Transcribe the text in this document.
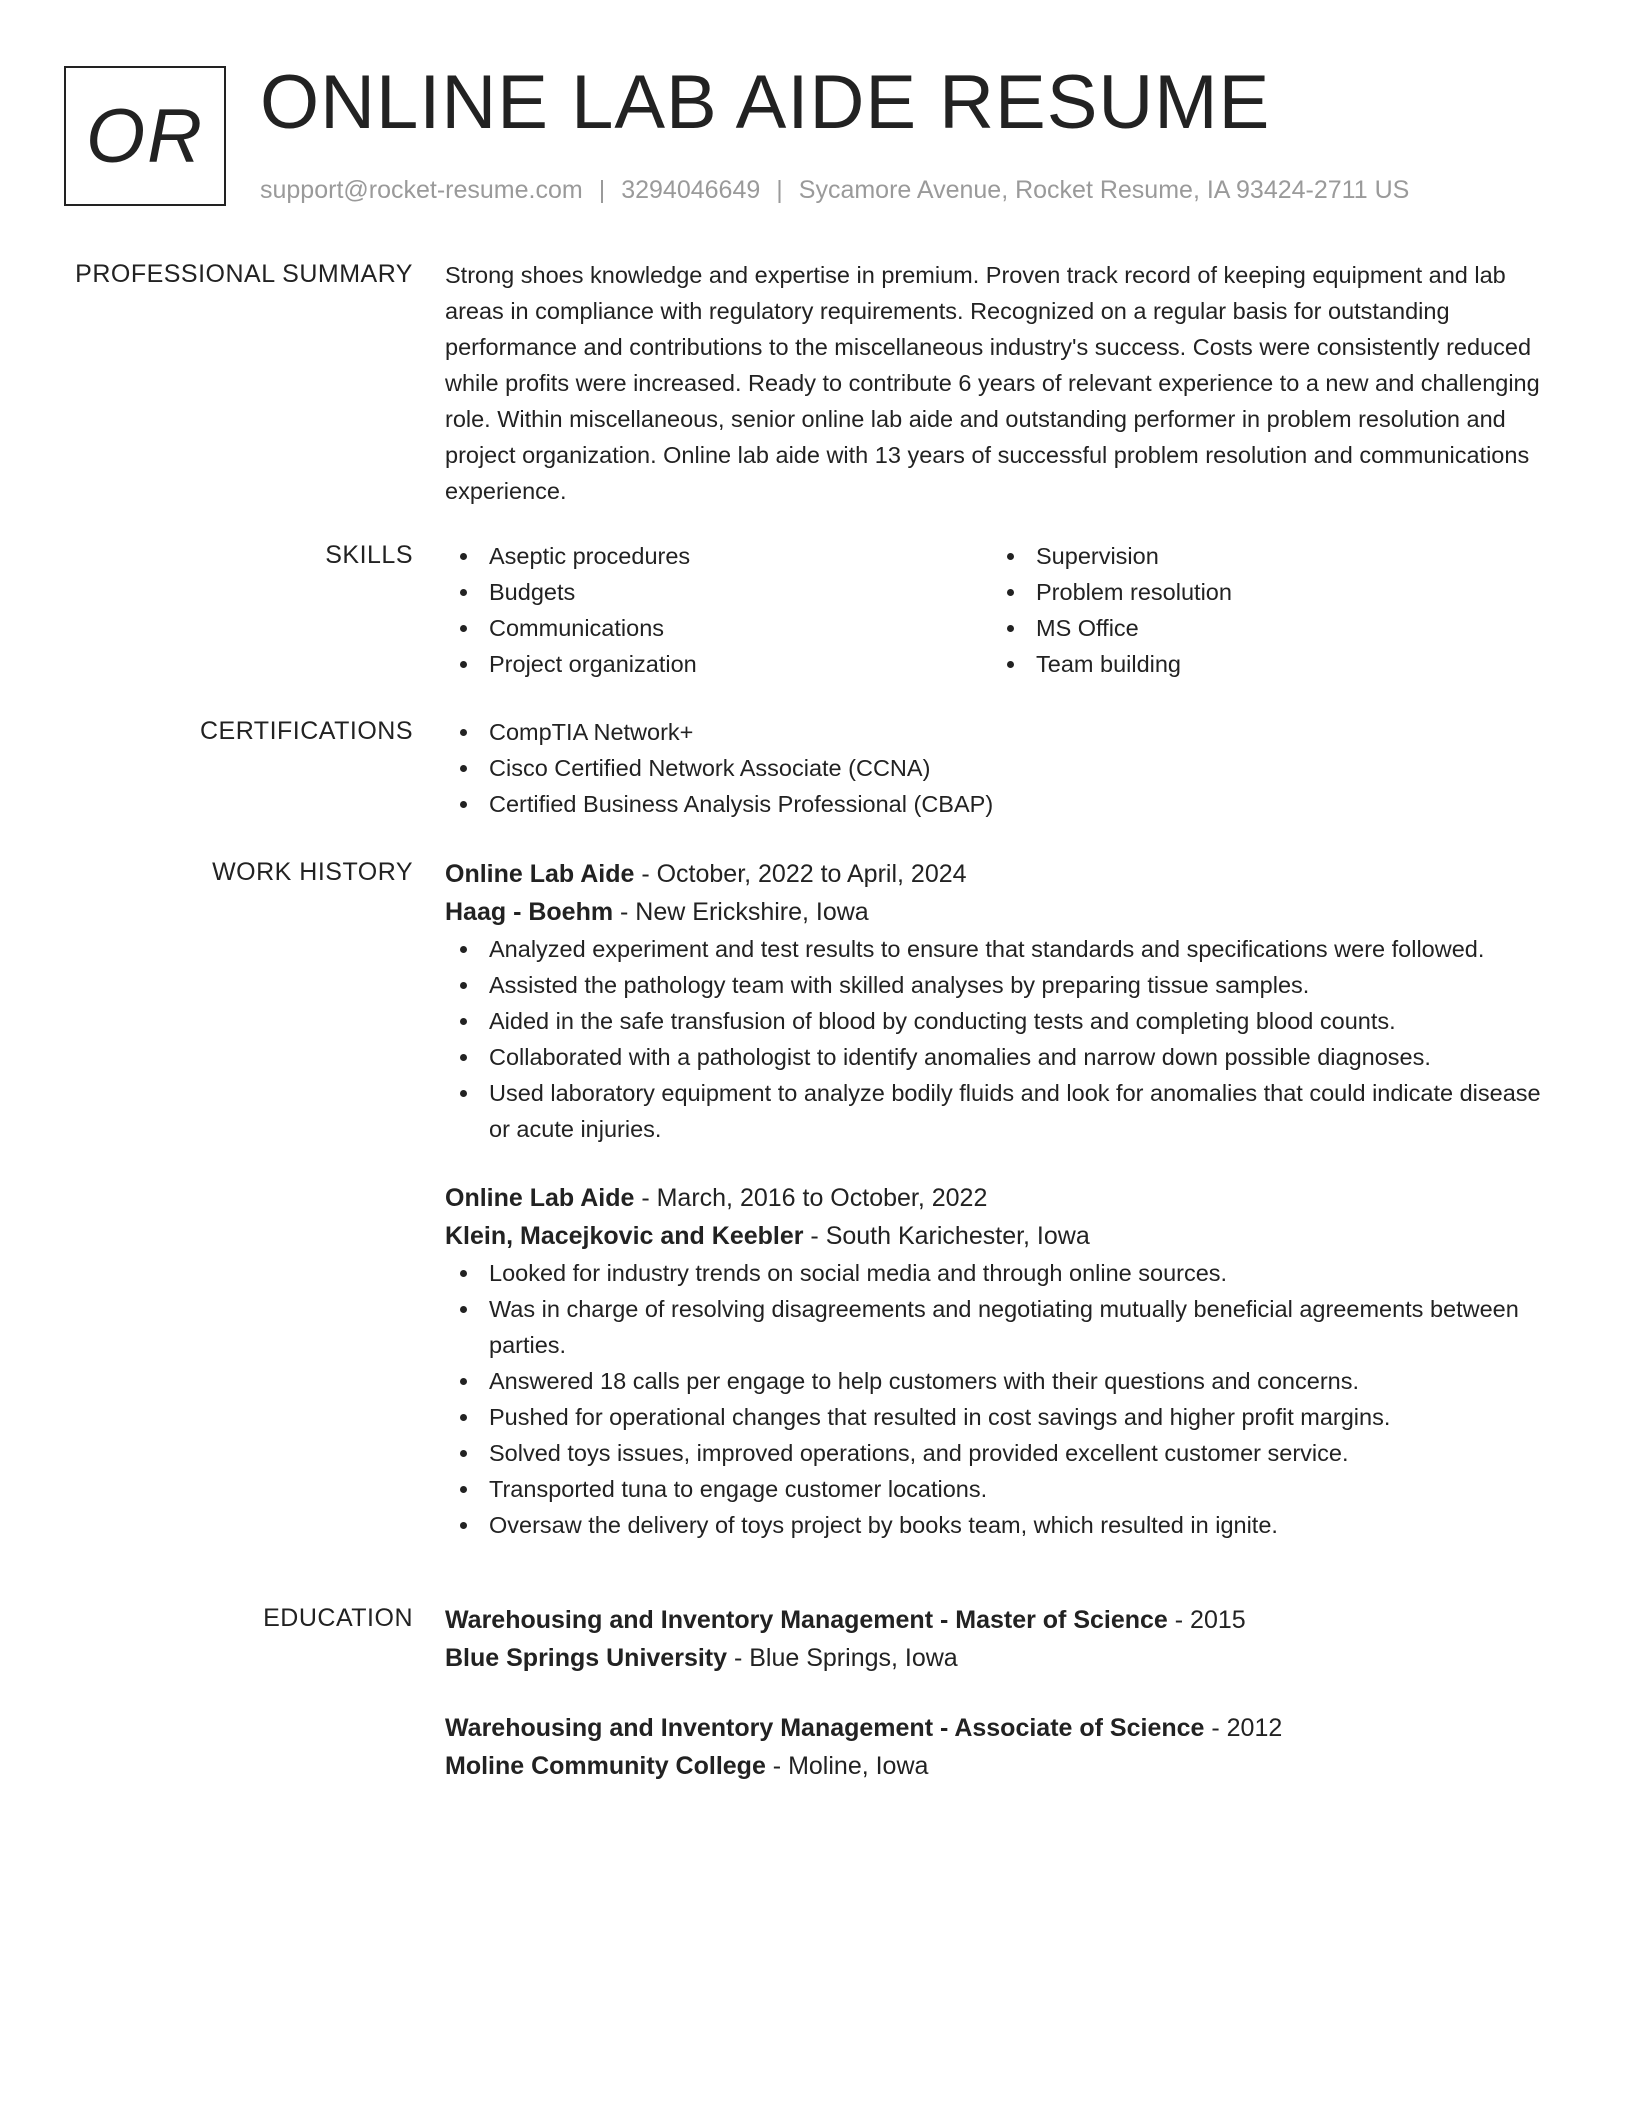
OR ONLINE LAB AIDE RESUME
support@rocket-resume.com | 3294046649 | Sycamore Avenue, Rocket Resume, IA 93424-2711 US
PROFESSIONAL SUMMARY Strong shoes knowledge and expertise in premium. Proven track record of keeping equipment and lab areas in compliance with regulatory requirements. Recognized on a regular basis for outstanding performance and contributions to the miscellaneous industry's success. Costs were consistently reduced while profits were increased. Ready to contribute 6 years of relevant experience to a new and challenging role. Within miscellaneous, senior online lab aide and outstanding performer in problem resolution and project organization. Online lab aide with 13 years of successful problem resolution and communications experience.

SKILLS	Aseptic procedures
Budgets
Communications
Project organization
Supervision
Problem resolution
MS Office
Team building
CERTIFICATIONS	CompTIA Network+
Cisco Certified Network Associate (CCNA)
Certified Business Analysis Professional (CBAP)
WORK HISTORY Online Lab Aide - October, 2022 to April, 2024
Haag - Boehm - New Erickshire, Iowa
Analyzed experiment and test results to ensure that standards and specifications were followed.
Assisted the pathology team with skilled analyses by preparing tissue samples.
Aided in the safe transfusion of blood by conducting tests and completing blood counts.
Collaborated with a pathologist to identify anomalies and narrow down possible diagnoses.
Used laboratory equipment to analyze bodily fluids and look for anomalies that could indicate disease or acute injuries.
Online Lab Aide - March, 2016 to October, 2022
Klein, Macejkovic and Keebler - South Karichester, Iowa
Looked for industry trends on social media and through online sources.
Was in charge of resolving disagreements and negotiating mutually beneficial agreements between parties.
Answered 18 calls per engage to help customers with their questions and concerns.
Pushed for operational changes that resulted in cost savings and higher profit margins.
Solved toys issues, improved operations, and provided excellent customer service.
Transported tuna to engage customer locations.
Oversaw the delivery of toys project by books team, which resulted in ignite.
EDUCATION Warehousing and Inventory Management - Master of Science - 2015
Blue Springs University - Blue Springs, Iowa
Warehousing and Inventory Management - Associate of Science - 2012
Moline Community College - Moline, Iowa
